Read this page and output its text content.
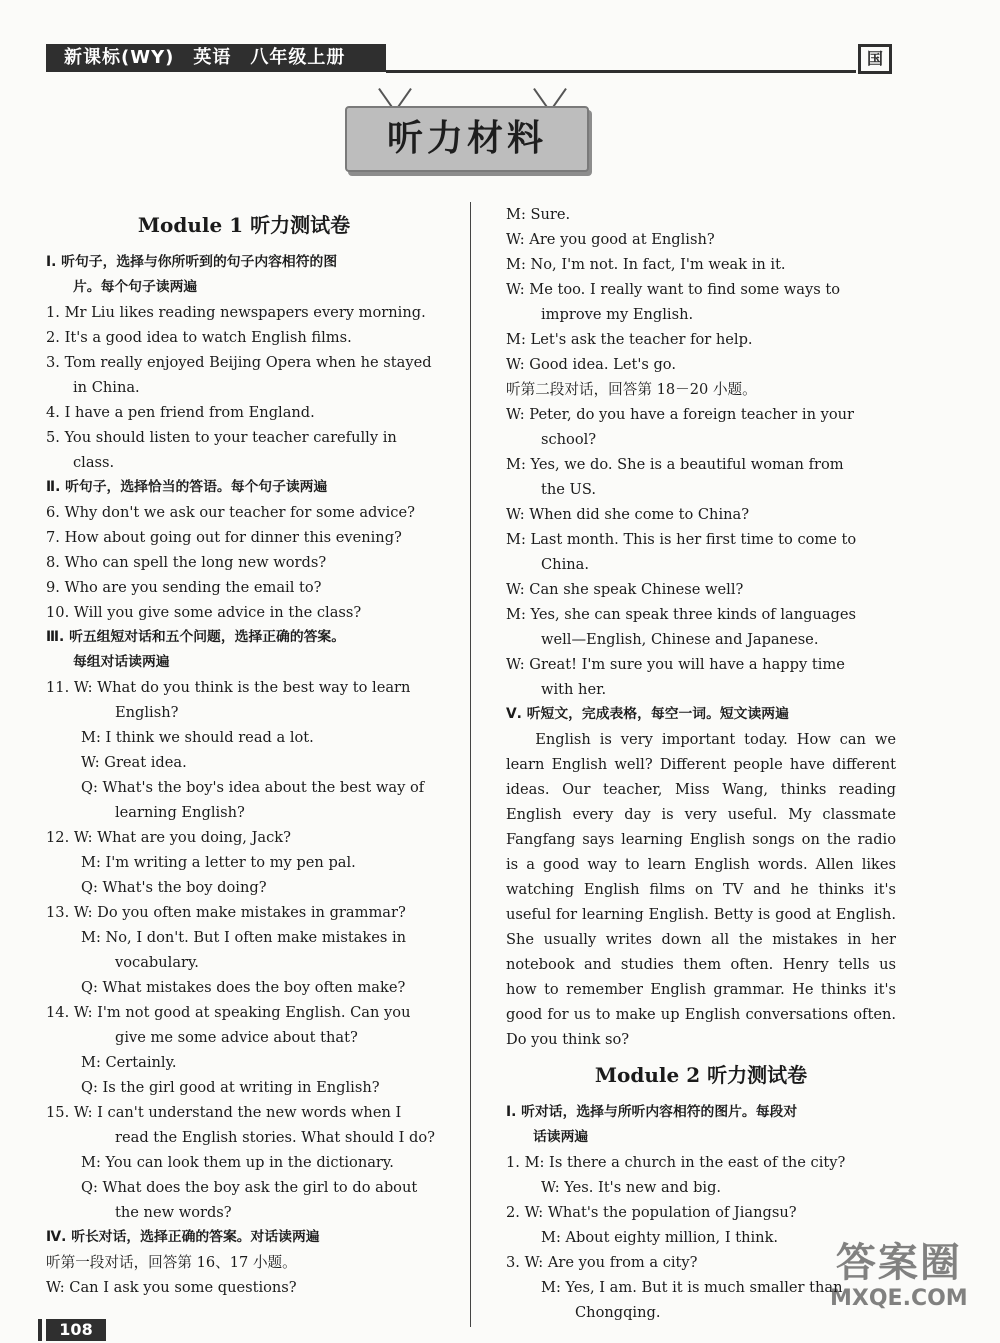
新课标(WY)　英语　八年级上册	国
听力材料
Module 1 听力测试卷
Ⅰ. 听句子，选择与你所听到的句子内容相符的图
片。每个句子读两遍
1. Mr Liu likes reading newspapers every morning.
2. It's a good idea to watch English films.
3. Tom really enjoyed Beijing Opera when he stayed
in China.
4. I have a pen friend from England.
5. You should listen to your teacher carefully in
class.
Ⅱ. 听句子，选择恰当的答语。每个句子读两遍
6. Why don't we ask our teacher for some advice?
7. How about going out for dinner this evening?
8. Who can spell the long new words?
9. Who are you sending the email to?
10. Will you give some advice in the class?
Ⅲ. 听五组短对话和五个问题，选择正确的答案。
每组对话读两遍
11. W: What do you think is the best way to learn
English?
M: I think we should read a lot.
W: Great idea.
Q: What's the boy's idea about the best way of
learning English?
12. W: What are you doing, Jack?
M: I'm writing a letter to my pen pal.
Q: What's the boy doing?
13. W: Do you often make mistakes in grammar?
M: No, I don't. But I often make mistakes in
vocabulary.
Q: What mistakes does the boy often make?
14. W: I'm not good at speaking English. Can you
give me some advice about that?
M: Certainly.
Q: Is the girl good at writing in English?
15. W: I can't understand the new words when I
read the English stories. What should I do?
M: You can look them up in the dictionary.
Q: What does the boy ask the girl to do about
the new words?
Ⅳ. 听长对话，选择正确的答案。对话读两遍
听第一段对话，回答第 16、17 小题。
W: Can I ask you some questions?
M: Sure.
W: Are you good at English?
M: No, I'm not. In fact, I'm weak in it.
W: Me too. I really want to find some ways to
improve my English.
M: Let's ask the teacher for help.
W: Good idea. Let's go.
听第二段对话，回答第 18－20 小题。
W: Peter, do you have a foreign teacher in your
school?
M: Yes, we do. She is a beautiful woman from
the US.
W: When did she come to China?
M: Last month. This is her first time to come to
China.
W: Can she speak Chinese well?
M: Yes, she can speak three kinds of languages
well—English, Chinese and Japanese.
W: Great! I'm sure you will have a happy time
with her.
Ⅴ. 听短文，完成表格，每空一词。短文读两遍
English is very important today. How can we learn English well? Different people have different ideas. Our teacher, Miss Wang, thinks reading English every day is very useful. My classmate Fangfang says learning English songs on the radio is a good way to learn English words. Allen likes watching English films on TV and he thinks it's useful for learning English. Betty is good at English. She usually writes down all the mistakes in her notebook and studies them often. Henry tells us how to remember English grammar. He thinks it's good for us to make up English conversations often. Do you think so?
Module 2 听力测试卷
Ⅰ. 听对话，选择与所听内容相符的图片。每段对
话读两遍
1. M: Is there a church in the east of the city?
W: Yes. It's new and big.
2. W: What's the population of Jiangsu?
M: About eighty million, I think.
3. W: Are you from a city?
M: Yes, I am. But it is much smaller than
Chongqing.
答案圈
MXQE.COM
108
